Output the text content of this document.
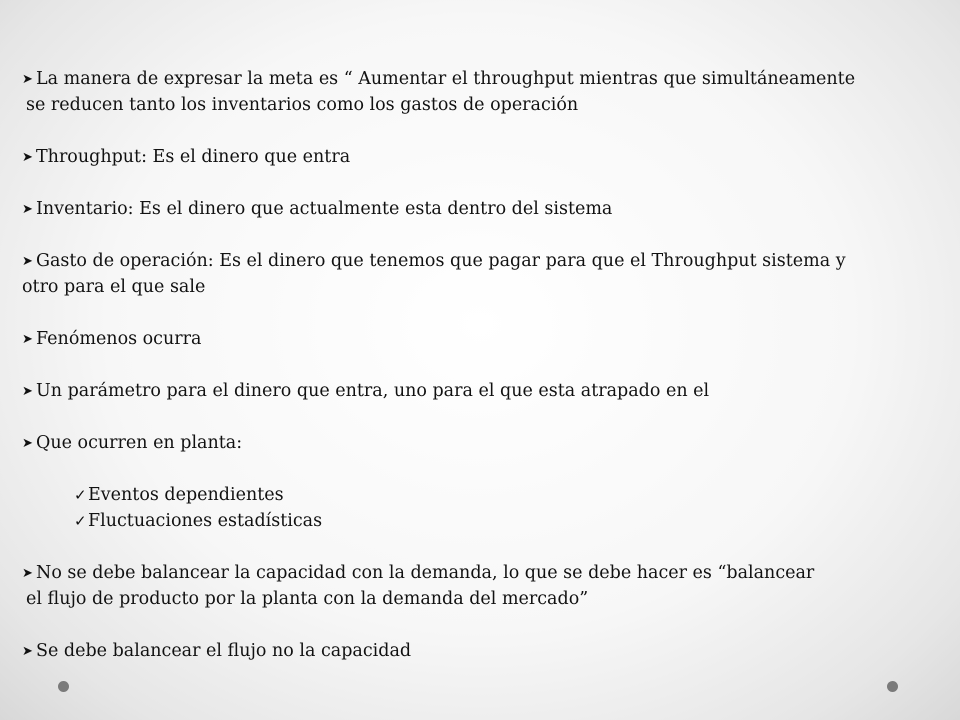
➤ La manera de expresar la meta es “ Aumentar el throughput mientras que simultáneamente
se reducen tanto los inventarios como los gastos de operación
➤ Throughput: Es el dinero que entra
➤ Inventario: Es el dinero que actualmente esta dentro del sistema
➤ Gasto de operación: Es el dinero que tenemos que pagar para que el Throughput sistema y
otro para el que sale
➤ Fenómenos ocurra
➤ Un parámetro para el dinero que entra, uno para el que esta atrapado en el
➤ Que ocurren en planta:
✓Eventos dependientes
✓Fluctuaciones estadísticas
➤ No se debe balancear la capacidad con la demanda, lo que se debe hacer es “balancear
el flujo de producto por la planta con la demanda del mercado”
➤ Se debe balancear el flujo no la capacidad
